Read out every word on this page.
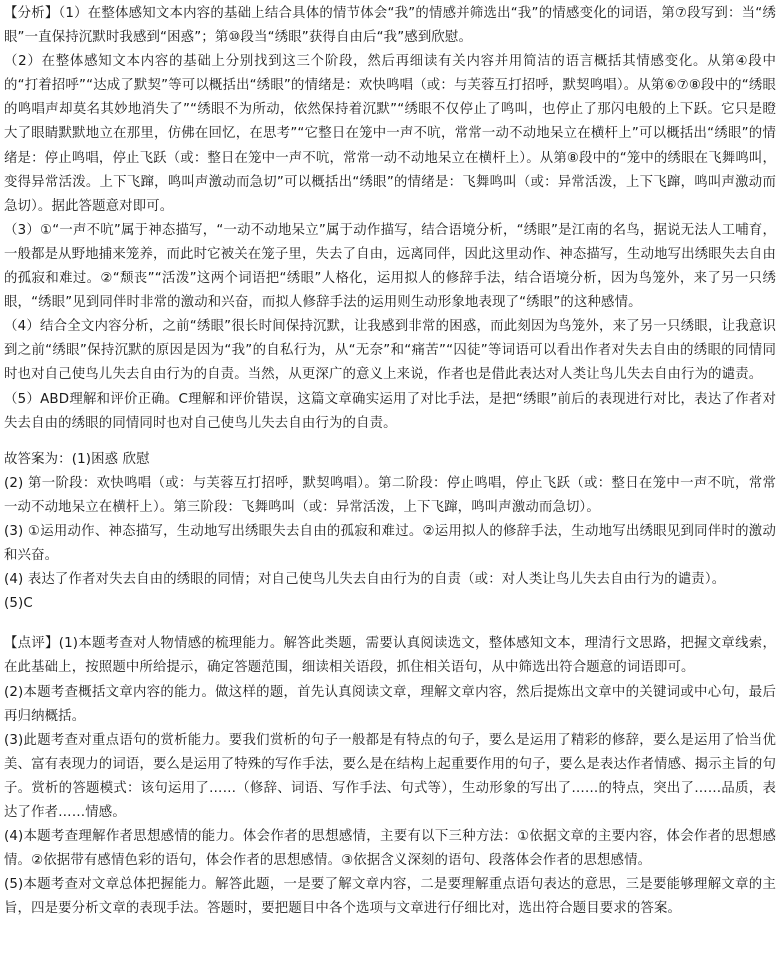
【分析】（1）在整体感知文本内容的基础上结合具体的情节体会“我”的情感并筛选出“我”的情感变化的词语，第⑦段写到：当“绣眼”一直保持沉默时我感到“困惑”；第⑩段当“绣眼”获得自由后“我”感到欣慰。

（2）在整体感知文本内容的基础上分别找到这三个阶段，然后再细读有关内容并用简洁的语言概括其情感变化。从第④段中的“打着招呼”“达成了默契”等可以概括出“绣眼”的情绪是：欢快鸣唱（或：与芙蓉互打招呼，默契鸣唱）。从第⑥⑦⑧段中的“绣眼的鸣唱声却莫名其妙地消失了”“绣眼不为所动，依然保持着沉默”“绣眼不仅停止了鸣叫，也停止了那闪电般的上下跃。它只是瞪大了眼睛默默地立在那里，仿佛在回忆，在思考”“它整日在笼中一声不吭，常常一动不动地呆立在横杆上”可以概括出“绣眼”的情绪是：停止鸣唱，停止飞跃（或：整日在笼中一声不吭，常常一动不动地呆立在横杆上）。从第⑧段中的“笼中的绣眼在飞舞鸣叫，变得异常活泼。上下飞蹿，鸣叫声激动而急切”可以概括出“绣眼”的情绪是：飞舞鸣叫（或：异常活泼，上下飞蹿，鸣叫声激动而急切）。据此答题意对即可。

（3）①“一声不吭”属于神态描写，“一动不动地呆立”属于动作描写，结合语境分析，“绣眼”是江南的名鸟，据说无法人工哺育，一般都是从野地捕来笼养，而此时它被关在笼子里，失去了自由，远离同伴，因此这里动作、神态描写，生动地写出绣眼失去自由的孤寂和难过。②“颓丧”“活泼”这两个词语把“绣眼”人格化，运用拟人的修辞手法，结合语境分析，因为鸟笼外，来了另一只绣眼，“绣眼”见到同伴时非常的激动和兴奋，而拟人修辞手法的运用则生动形象地表现了“绣眼”的这种感情。

（4）结合全文内容分析，之前“绣眼”很长时间保持沉默，让我感到非常的困惑，而此刻因为鸟笼外，来了另一只绣眼，让我意识到之前“绣眼”保持沉默的原因是因为“我”的自私行为，从“无奈”和“痛苦”“囚徒”等词语可以看出作者对失去自由的绣眼的同情同时也对自己使鸟儿失去自由行为的自责。当然，从更深广的意义上来说，作者也是借此表达对人类让鸟儿失去自由行为的谴责。

（5）ABD理解和评价正确。C理解和评价错误，这篇文章确实运用了对比手法，是把“绣眼”前后的表现进行对比，表达了作者对失去自由的绣眼的同情同时也对自己使鸟儿失去自由行为的自责。

故答案为：(1)困惑 欣慰

(2) 第一阶段：欢快鸣唱（或：与芙蓉互打招呼，默契鸣唱）。第二阶段：停止鸣唱，停止飞跃（或：整日在笼中一声不吭，常常一动不动地呆立在横杆上）。第三阶段：飞舞鸣叫（或：异常活泼，上下飞蹿，鸣叫声激动而急切）。

(3) ①运用动作、神态描写，生动地写出绣眼失去自由的孤寂和难过。②运用拟人的修辞手法，生动地写出绣眼见到同伴时的激动和兴奋。

(4) 表达了作者对失去自由的绣眼的同情；对自己使鸟儿失去自由行为的自责（或：对人类让鸟儿失去自由行为的谴责）。

(5)C

【点评】(1)本题考查对人物情感的梳理能力。解答此类题，需要认真阅读选文，整体感知文本，理清行文思路，把握文章线索，在此基础上，按照题中所给提示，确定答题范围，细读相关语段，抓住相关语句，从中筛选出符合题意的词语即可。

(2)本题考查概括文章内容的能力。做这样的题，首先认真阅读文章，理解文章内容，然后提炼出文章中的关键词或中心句，最后再归纳概括。

(3)此题考查对重点语句的赏析能力。要我们赏析的句子一般都是有特点的句子，要么是运用了精彩的修辞，要么是运用了恰当优美、富有表现力的词语，要么是运用了特殊的写作手法，要么是在结构上起重要作用的句子，要么是表达作者情感、揭示主旨的句子。赏析的答题模式：该句运用了……（修辞、词语、写作手法、句式等），生动形象的写出了……的特点，突出了……品质，表达了作者……情感。

(4)本题考查理解作者思想感情的能力。体会作者的思想感情，主要有以下三种方法：①依据文章的主要内容，体会作者的思想感情。②依据带有感情色彩的语句，体会作者的思想感情。③依据含义深刻的语句、段落体会作者的思想感情。

(5)本题考查对文章总体把握能力。解答此题，一是要了解文章内容，二是要理解重点语句表达的意思，三是要能够理解文章的主旨，四是要分析文章的表现手法。答题时，要把题目中各个选项与文章进行仔细比对，选出符合题目要求的答案。
